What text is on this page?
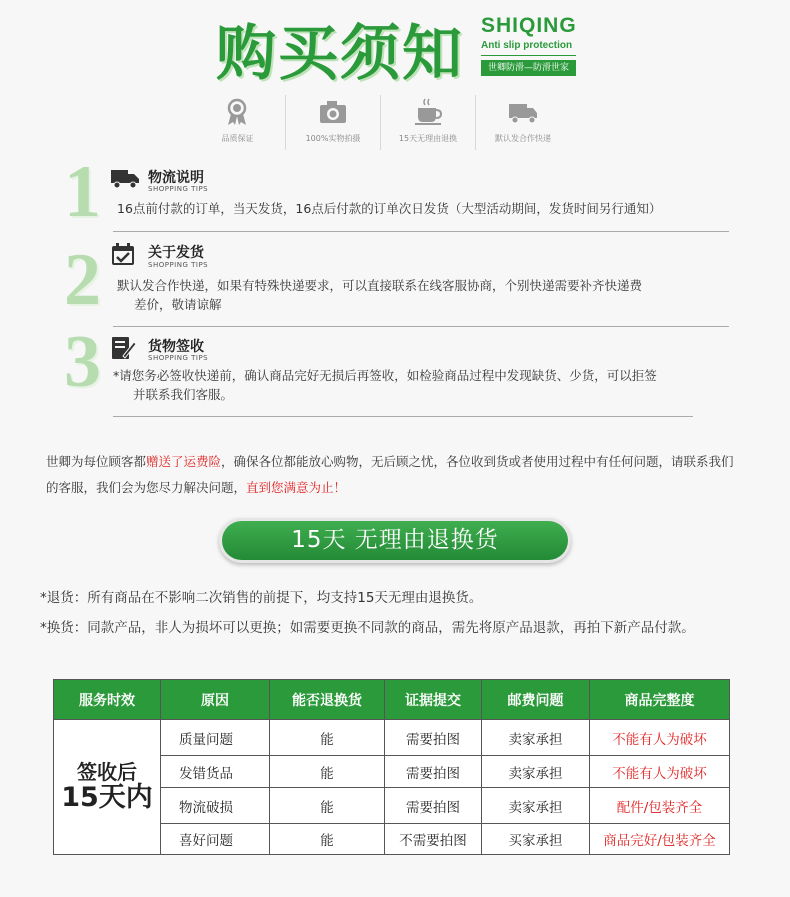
购买须知 SHIQING
Anti slip protection
世卿防滑—防滑世家
品质保证	100%实物拍摄	15天无理由退换	默认发合作快递
1	物流说明
SHOPPING TIPS
16点前付款的订单，当天发货，16点后付款的订单次日发货（大型活动期间，发货时间另行通知）
2	关于发货
SHOPPING TIPS
默认发合作快递，如果有特殊快递要求，可以直接联系在线客服协商，个别快递需要补齐快递费
差价，敬请谅解
3	货物签收
SHOPPING TIPS
*请您务必签收快递前，确认商品完好无损后再签收，如检验商品过程中发现缺货、少货，可以拒签
并联系我们客服。
世卿为每位顾客都赠送了运费险，确保各位都能放心购物，无后顾之忧，各位收到货或者使用过程中有任何问题，请联系我们的客服，我们会为您尽力解决问题，直到您满意为止！
15天 无理由退换货
*退货：所有商品在不影响二次销售的前提下，均支持15天无理由退换货。
*换货：同款产品，非人为损坏可以更换；如需要更换不同款的商品，需先将原产品退款，再拍下新产品付款。
服务时效	原因	能否退换货	证据提交	邮费问题	商品完整度

签收后
15天内	质量问题	能	需要拍图	卖家承担	不能有人为破坏
	发错货品	能	需要拍图	卖家承担	不能有人为破坏
	物流破损	能	需要拍图	卖家承担	配件/包装齐全
	喜好问题	能	不需要拍图	买家承担	商品完好/包装齐全
